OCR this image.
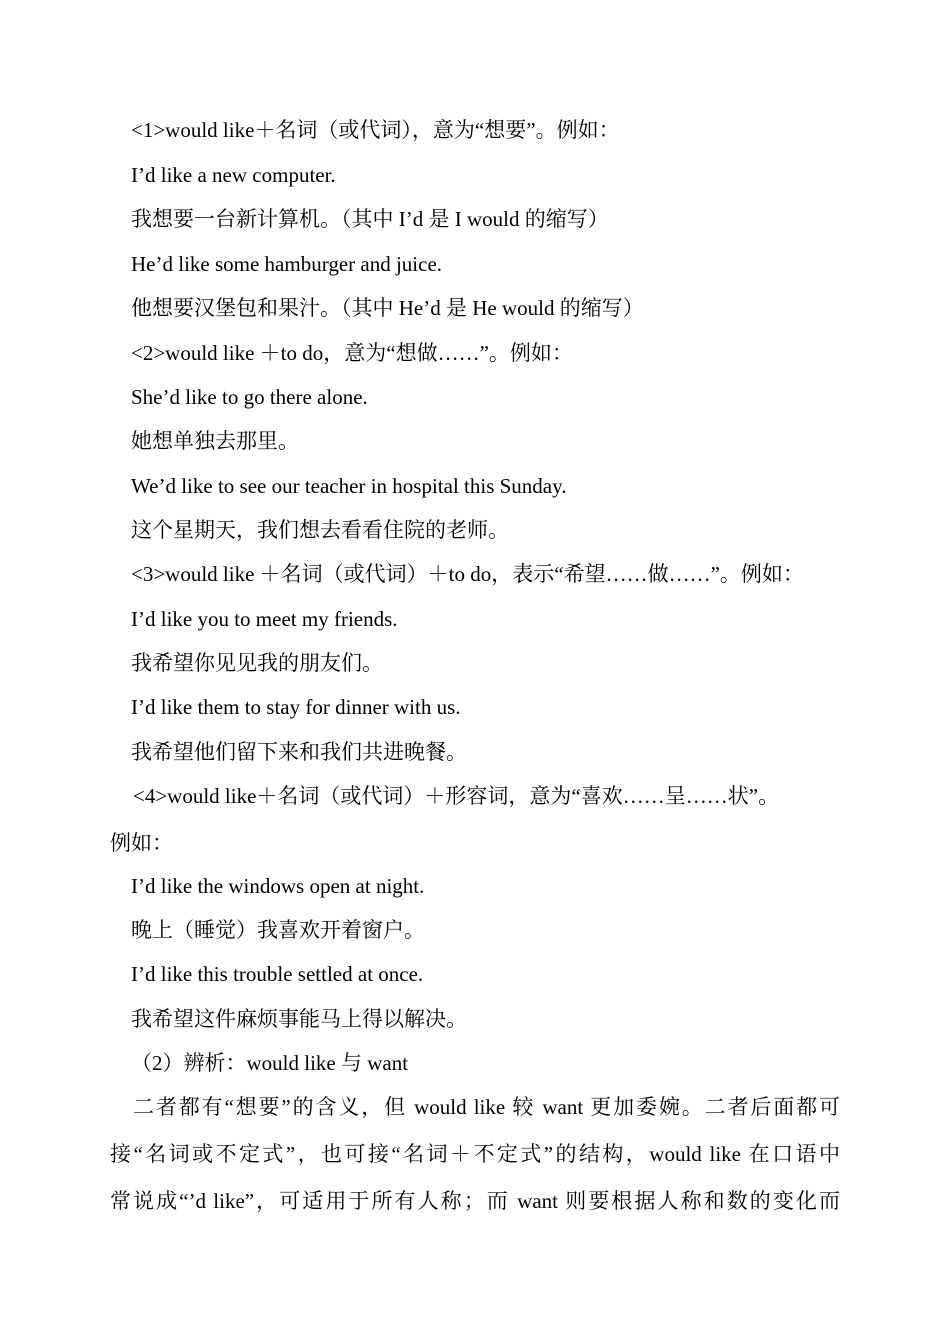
<1>would like＋名词（或代词），意为“想要”。例如：
I’d like a new computer.
我想要一台新计算机。（其中 I’d 是 I would 的缩写）
He’d like some hamburger and juice.
他想要汉堡包和果汁。（其中 He’d 是 He would 的缩写）
<2>would like ＋to do，意为“想做……”。例如：
She’d like to go there alone.
她想单独去那里。
We’d like to see our teacher in hospital this Sunday.
这个星期天，我们想去看看住院的老师。
<3>would like ＋名词（或代词）＋to do，表示“希望……做……”。例如：
I’d like you to meet my friends.
我希望你见见我的朋友们。
I’d like them to stay for dinner with us.
我希望他们留下来和我们共进晚餐。
<4>would like＋名词（或代词）＋形容词，意为“喜欢……呈……状”。
例如：
I’d like the windows open at night.
晚上（睡觉）我喜欢开着窗户。
I’d like this trouble settled at once.
我希望这件麻烦事能马上得以解决。
（2）辨析：would like 与 want
二者都有“想要”的含义，但 would like 较 want 更加委婉。二者后面都可
接“名词或不定式”，也可接“名词＋不定式”的结构，would like 在口语中
常说成“’d like”，可适用于所有人称；而 want 则要根据人称和数的变化而
